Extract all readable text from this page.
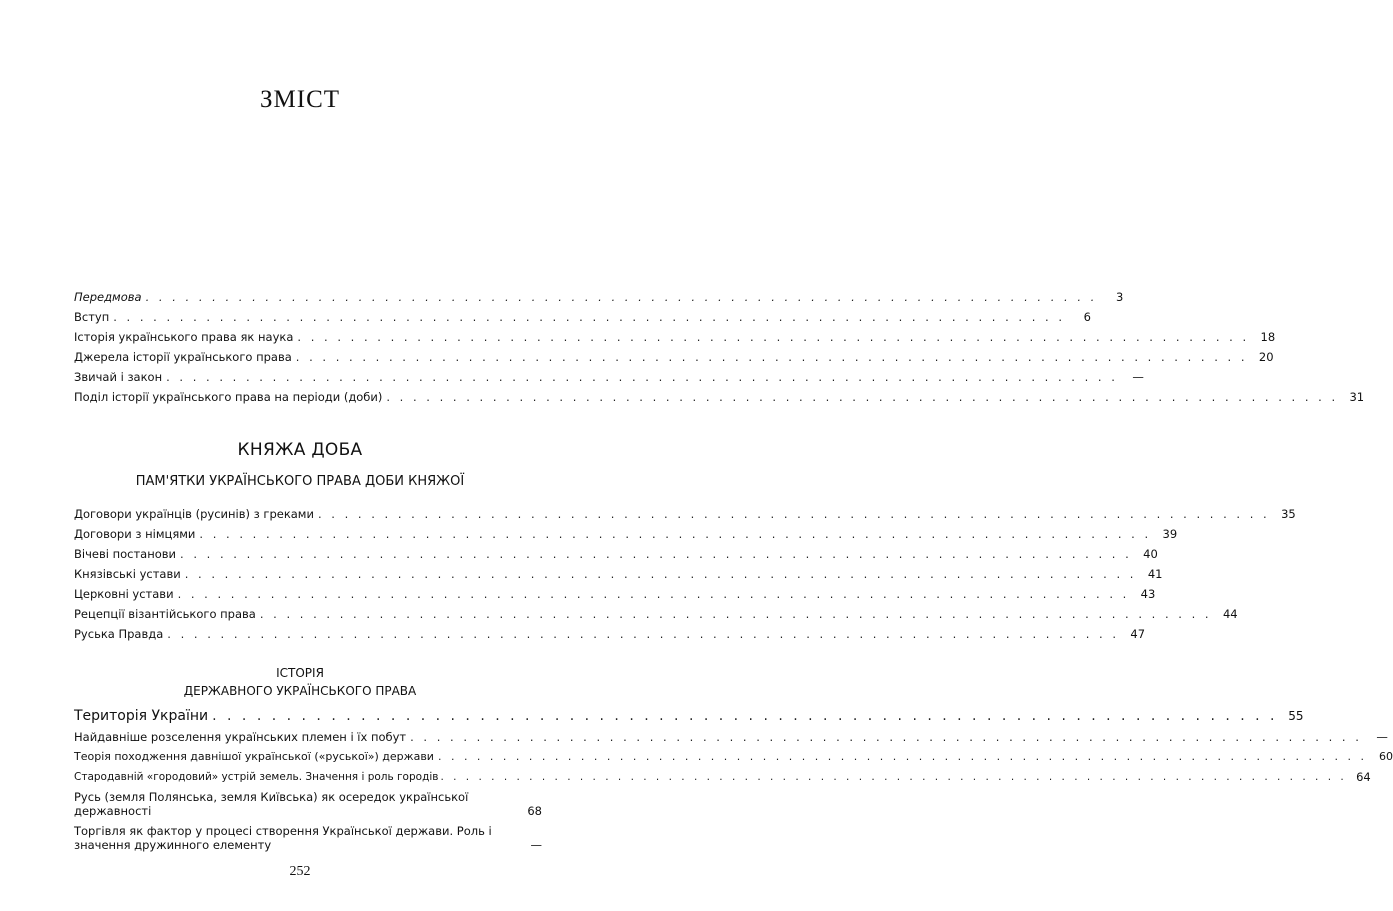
ЗМІСТ
Передмова . . . . . . . . . . . . . . . . . . . . . . . . . . . . . . . . . . . . . . . . . . . . . . . . . . . . . . . . . . . . . . . . . . . . . . . .	3
Вступ . . . . . . . . . . . . . . . . . . . . . . . . . . . . . . . . . . . . . . . . . . . . . . . . . . . . . . . . . . . . . . . . . . . . . . . .	6
Історія українського права як наука . . . . . . . . . . . . . . . . . . . . . . . . . . . . . . . . . . . . . . . . . . . . . . . . . . . . . . . . . . . . . . . . . . . . . . . . 18
Джерела історії українського права . . . . . . . . . . . . . . . . . . . . . . . . . . . . . . . . . . . . . . . . . . . . . . . . . . . . . . . . . . . . . . . . . . . . . . . . 20
Звичай і закон . . . . . . . . . . . . . . . . . . . . . . . . . . . . . . . . . . . . . . . . . . . . . . . . . . . . . . . . . . . . . . . . . . . . . . . .	—
Поділ історії українського права на періоди (доби) . . . . . . . . . . . . . . . . . . . . . . . . . . . . . . . . . . . . . . . . . . . . . . . . . . . . . . . . . . . . . . . . . . . . . . . . 31
КНЯЖА ДОБА
ПАМ'ЯТКИ УКРАЇНСЬКОГО ПРАВА ДОБИ КНЯЖОЇ
Договори українців (русинів) з греками . . . . . . . . . . . . . . . . . . . . . . . . . . . . . . . . . . . . . . . . . . . . . . . . . . . . . . . . . . . . . . . . . . . . . . . . 35
Договори з німцями . . . . . . . . . . . . . . . . . . . . . . . . . . . . . . . . . . . . . . . . . . . . . . . . . . . . . . . . . . . . . . . . . . . . . . . . 39
Вічеві постанови . . . . . . . . . . . . . . . . . . . . . . . . . . . . . . . . . . . . . . . . . . . . . . . . . . . . . . . . . . . . . . . . . . . . . . . . 40
Князівські устави . . . . . . . . . . . . . . . . . . . . . . . . . . . . . . . . . . . . . . . . . . . . . . . . . . . . . . . . . . . . . . . . . . . . . . . . 41
Церковні устави . . . . . . . . . . . . . . . . . . . . . . . . . . . . . . . . . . . . . . . . . . . . . . . . . . . . . . . . . . . . . . . . . . . . . . . . 43
Рецепції візантійського права . . . . . . . . . . . . . . . . . . . . . . . . . . . . . . . . . . . . . . . . . . . . . . . . . . . . . . . . . . . . . . . . . . . . . . . . 44
Руська Правда . . . . . . . . . . . . . . . . . . . . . . . . . . . . . . . . . . . . . . . . . . . . . . . . . . . . . . . . . . . . . . . . . . . . . . . . 47
ІСТОРІЯ
ДЕРЖАВНОГО УКРАЇНСЬКОГО ПРАВА
Територія України . . . . . . . . . . . . . . . . . . . . . . . . . . . . . . . . . . . . . . . . . . . . . . . . . . . . . . . . . . . . . . . . . . . . . . . . 55
Найдавніше розселення українських племен і їх побут . . . . . . . . . . . . . . . . . . . . . . . . . . . . . . . . . . . . . . . . . . . . . . . . . . . . . . . . . . . . . . . . . . . . . . . .	—
Теорія походження давнішої української («руської») держави . . . . . . . . . . . . . . . . . . . . . . . . . . . . . . . . . . . . . . . . . . . . . . . . . . . . . . . . . . . . . . . . . . . . . . . .	60
Стародавній «городовий» устрій земель. Значення і роль городів . . . . . . . . . . . . . . . . . . . . . . . . . . . . . . . . . . . . . . . . . . . . . . . . . . . . . . . . . . . . . . . . . . . . . . . . 64
Русь (земля Полянська, земля Київська) як осередок української державності	68
Торгівля як фактор у процесі створення Української держави. Роль і значення дружинного елементу	—
252
